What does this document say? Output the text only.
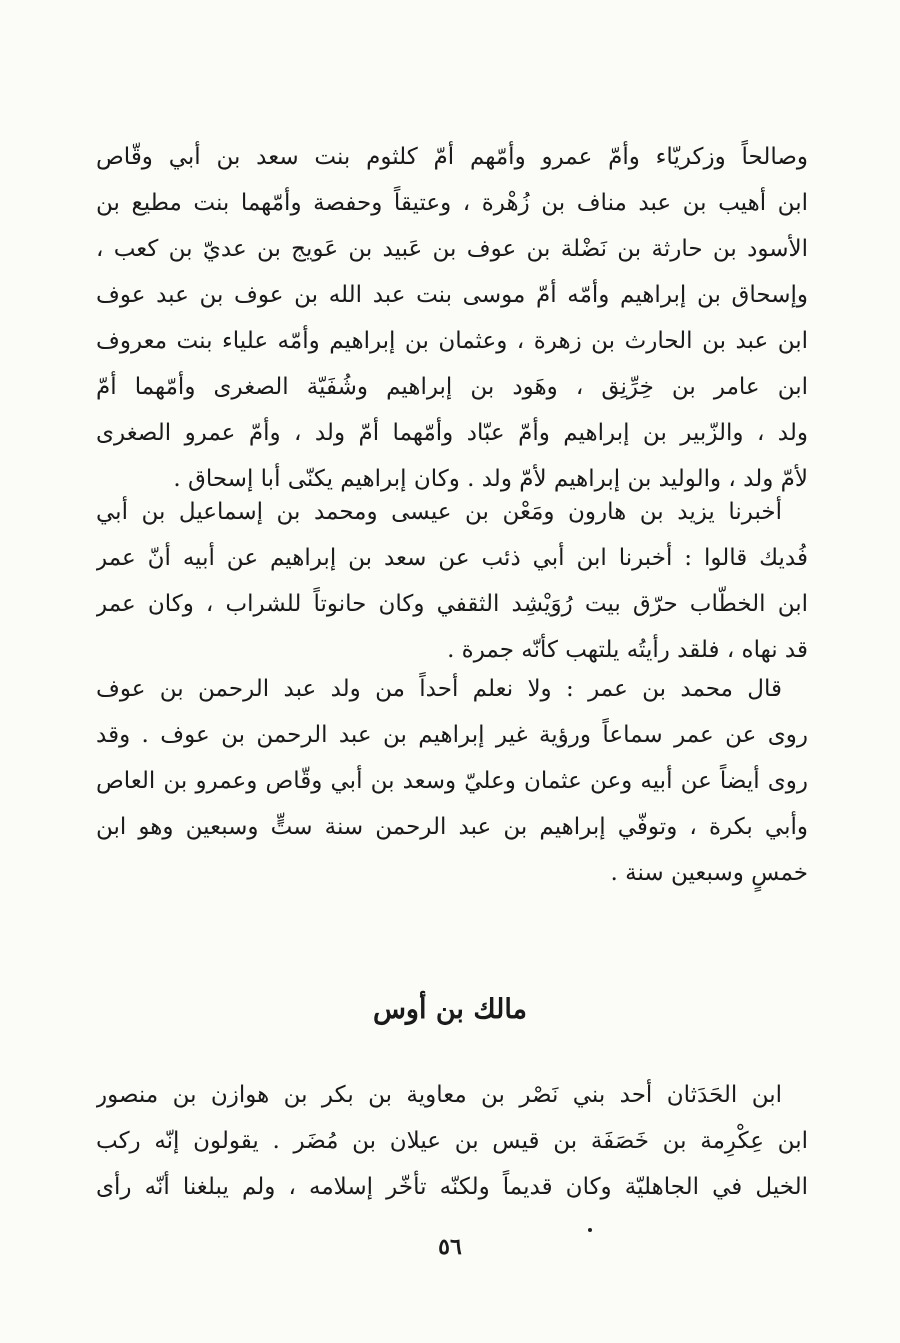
وصالحاً وزكريّاء وأمّ عمرو وأمّهم أمّ كلثوم بنت سعد بن أبي وقّاص
ابن أهيب بن عبد مناف بن زُهْرة ، وعتيقاً وحفصة وأمّهما بنت مطيع بن
الأسود بن حارثة بن نَضْلة بن عوف بن عَبيد بن عَويج بن عديّ بن كعب ،
وإسحاق بن إبراهيم وأمّه أمّ موسى بنت عبد الله بن عوف بن عبد عوف
ابن عبد بن الحارث بن زهرة ، وعثمان بن إبراهيم وأمّه علياء بنت معروف
ابن عامر بن خِرِّنِق ، وهَود بن إبراهيم وشُفَيّة الصغرى وأمّهما أمّ
ولد ، والزّبير بن إبراهيم وأمّ عبّاد وأمّهما أمّ ولد ، وأمّ عمرو الصغرى
لأمّ ولد ، والوليد بن إبراهيم لأمّ ولد . وكان إبراهيم يكنّى أبا إسحاق .
أخبرنا يزيد بن هارون ومَعْن بن عيسى ومحمد بن إسماعيل بن أبي
فُديك قالوا : أخبرنا ابن أبي ذئب عن سعد بن إبراهيم عن أبيه أنّ عمر
ابن الخطّاب حرّق بيت رُوَيْشِد الثقفي وكان حانوتاً للشراب ، وكان عمر
قد نهاه ، فلقد رأيتُه يلتهب كأنّه جمرة .
قال محمد بن عمر : ولا نعلم أحداً من ولد عبد الرحمن بن عوف
روى عن عمر سماعاً ورؤية غير إبراهيم بن عبد الرحمن بن عوف . وقد
روى أيضاً عن أبيه وعن عثمان وعليّ وسعد بن أبي وقّاص وعمرو بن العاص
وأبي بكرة ، وتوفّي إبراهيم بن عبد الرحمن سنة ستٍّ وسبعين وهو ابن
خمسٍ وسبعين سنة .
مالك بن أوس
ابن الحَدَثان أحد بني نَصْر بن معاوية بن بكر بن هوازن بن منصور
ابن عِكْرِمة بن خَصَفَة بن قيس بن عيلان بن مُضَر . يقولون إنّه ركب
الخيل في الجاهليّة وكان قديماً ولكنّه تأخّر إسلامه ، ولم يبلغنا أنّه رأى
٥٦
